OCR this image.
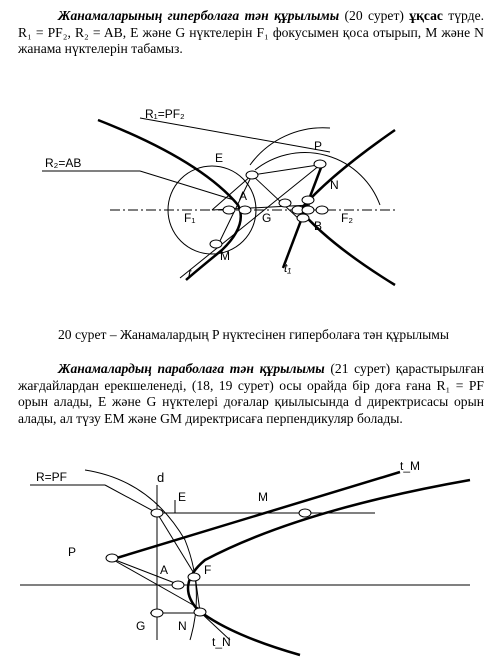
Жанамаларының гиперболаға тән құрылымы (20 сурет) ұқсас түрде. R₁ = PF₂, R₂ = AB, E және G нүктелерін F₁ фокусымен қоса отырып, M және N жанама нүктелерін табамыз.

R₁=PF₂
R₂=AB	E
P
N
A
F₁	G	F₂
B
M
t	t₁

20 сурет – Жанамалардың P нүктесінен гиперболаға тән құрылымы

Жанамалардың параболаға тән құрылымы (21 сурет) қарастырылған жағдайлардан ерекшеленеді, (18, 19 сурет) осы орайда бір доға ғана R₁ = PF орын алады, E және G нүктелері доғалар қиылысында d директрисасы орын алады, ал түзу EM және GM директрисаға перпендикуляр болады.

R=PF	d
E	M
t_M
P
A	F
G	N
t_N
